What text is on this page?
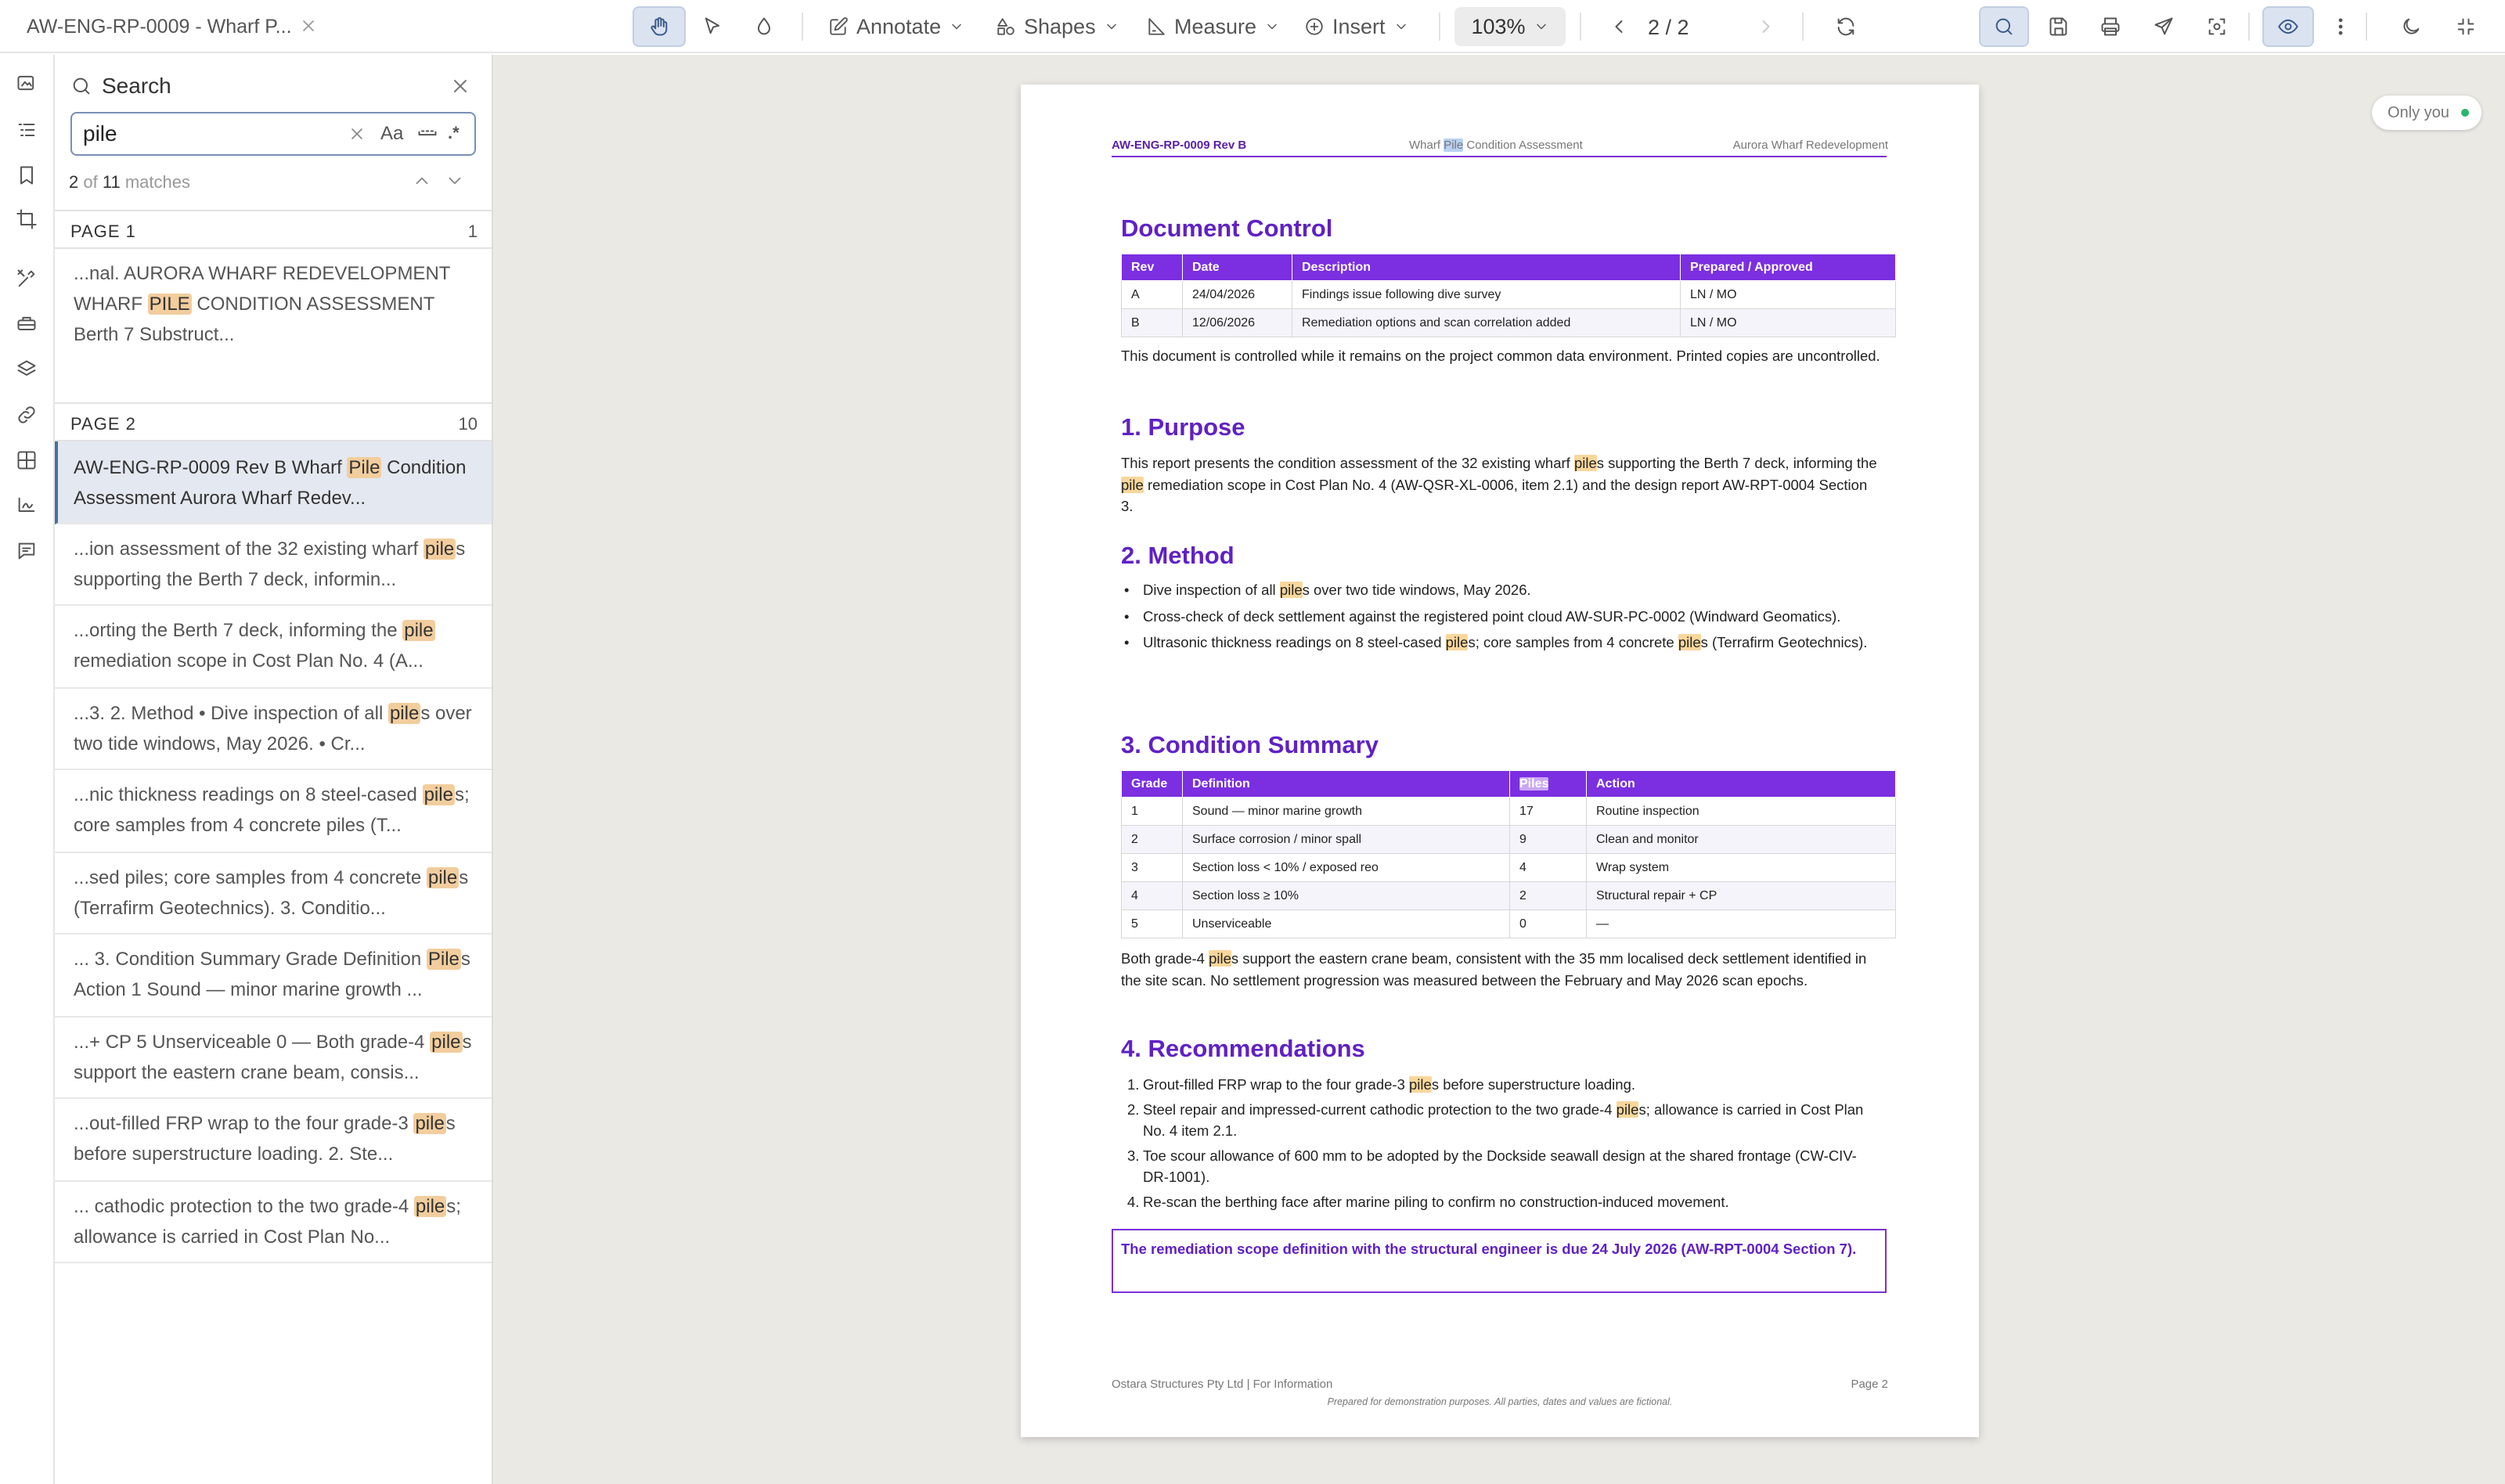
AW-ENG-RP-0009 - Wharf P...	Annotate	Shapes	Measure	Insert	103%	2 / 2
Search
pile
Aa	.*
2 of 11 matches
PAGE 1	1
...nal. AURORA WHARF REDEVELOPMENT WHARF PILE CONDITION ASSESSMENT Berth 7 Substruct...
PAGE 2	10
AW-ENG-RP-0009 Rev B Wharf Pile Condition Assessment Aurora Wharf Redev...
...ion assessment of the 32 existing wharf piles supporting the Berth 7 deck, informin...
...orting the Berth 7 deck, informing the pile remediation scope in Cost Plan No. 4 (A...
...3. 2. Method • Dive inspection of all piles over two tide windows, May 2026. • Cr...
...nic thickness readings on 8 steel-cased piles; core samples from 4 concrete piles (T...
...sed piles; core samples from 4 concrete piles (Terrafirm Geotechnics). 3. Conditio...
... 3. Condition Summary Grade Definition Piles Action 1 Sound — minor marine growth ...
...+ CP 5 Unserviceable 0 — Both grade-4 piles support the eastern crane beam, consis...
...out-filled FRP wrap to the four grade-3 piles before superstructure loading. 2. Ste...
... cathodic protection to the two grade-4 piles; allowance is carried in Cost Plan No...
Only you
AW-ENG-RP-0009 Rev B	Wharf Pile Condition Assessment	Aurora Wharf Redevelopment
Document Control
Rev	Date	Description	Prepared / Approved
A	24/04/2026	Findings issue following dive survey	LN / MO
B	12/06/2026	Remediation options and scan correlation added	LN / MO
This document is controlled while it remains on the project common data environment. Printed copies are uncontrolled.
1. Purpose
This report presents the condition assessment of the 32 existing wharf piles supporting the Berth 7 deck, informing the pile remediation scope in Cost Plan No. 4 (AW-QSR-XL-0006, item 2.1) and the design report AW-RPT-0004 Section 3.
2. Method
• Dive inspection of all piles over two tide windows, May 2026.
• Cross-check of deck settlement against the registered point cloud AW-SUR-PC-0002 (Windward Geomatics).
• Ultrasonic thickness readings on 8 steel-cased piles; core samples from 4 concrete piles (Terrafirm Geotechnics).
3. Condition Summary
Grade	Definition	Piles	Action
1	Sound — minor marine growth	17	Routine inspection
2	Surface corrosion / minor spall	9	Clean and monitor
3	Section loss < 10% / exposed reo	4	Wrap system
4	Section loss ≥ 10%	2	Structural repair + CP
5	Unserviceable	0	—
Both grade-4 piles support the eastern crane beam, consistent with the 35 mm localised deck settlement identified in the site scan. No settlement progression was measured between the February and May 2026 scan epochs.
4. Recommendations
1. Grout-filled FRP wrap to the four grade-3 piles before superstructure loading.
2. Steel repair and impressed-current cathodic protection to the two grade-4 piles; allowance is carried in Cost Plan No. 4 item 2.1.
3. Toe scour allowance of 600 mm to be adopted by the Dockside seawall design at the shared frontage (CW-CIV-DR-1001).
4. Re-scan the berthing face after marine piling to confirm no construction-induced movement.
The remediation scope definition with the structural engineer is due 24 July 2026 (AW-RPT-0004 Section 7).
Ostara Structures Pty Ltd | For Information	Page 2
Prepared for demonstration purposes. All parties, dates and values are fictional.
